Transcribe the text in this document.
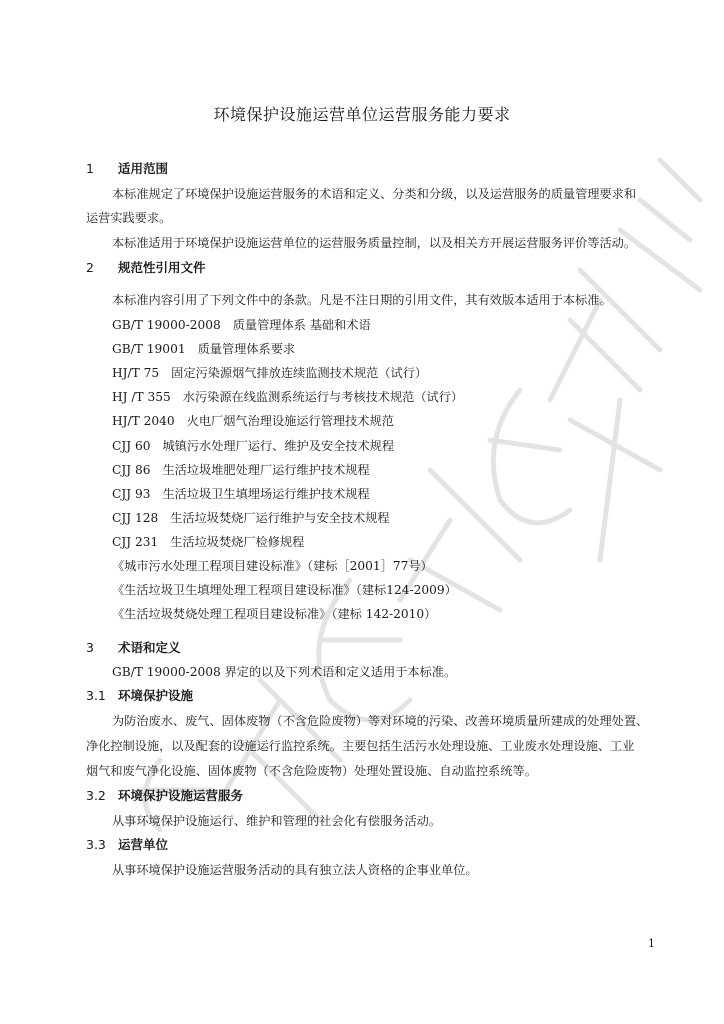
环境保护设施运营单位运营服务能力要求
1 适用范围
本标准规定了环境保护设施运营服务的术语和定义、分类和分级，以及运营服务的质量管理要求和
运营实践要求。
本标准适用于环境保护设施运营单位的运营服务质量控制，以及相关方开展运营服务评价等活动。
2 规范性引用文件
本标准内容引用了下列文件中的条款。凡是不注日期的引用文件，其有效版本适用于本标准。
GB/T 19000-2008 质量管理体系 基础和术语
GB/T 19001 质量管理体系要求
HJ/T 75 固定污染源烟气排放连续监测技术规范（试行）
HJ /T 355 水污染源在线监测系统运行与考核技术规范（试行）
HJ/T 2040 火电厂烟气治理设施运行管理技术规范
CJJ 60 城镇污水处理厂运行、维护及安全技术规程
CJJ 86 生活垃圾堆肥处理厂运行维护技术规程
CJJ 93 生活垃圾卫生填埋场运行维护技术规程
CJJ 128 生活垃圾焚烧厂运行维护与安全技术规程
CJJ 231 生活垃圾焚烧厂检修规程
《城市污水处理工程项目建设标准》（建标［2001］77号）
《生活垃圾卫生填埋处理工程项目建设标准》（建标124-2009）
《生活垃圾焚烧处理工程项目建设标准》（建标 142-2010）
3 术语和定义
GB/T 19000-2008 界定的以及下列术语和定义适用于本标准。
3.1 环境保护设施
为防治废水、废气、固体废物（不含危险废物）等对环境的污染、改善环境质量所建成的处理处置、
净化控制设施，以及配套的设施运行监控系统。主要包括生活污水处理设施、工业废水处理设施、工业
烟气和废气净化设施、固体废物（不含危险废物）处理处置设施、自动监控系统等。
3.2 环境保护设施运营服务
从事环境保护设施运行、维护和管理的社会化有偿服务活动。
3.3 运营单位
从事环境保护设施运营服务活动的具有独立法人资格的企事业单位。
1
